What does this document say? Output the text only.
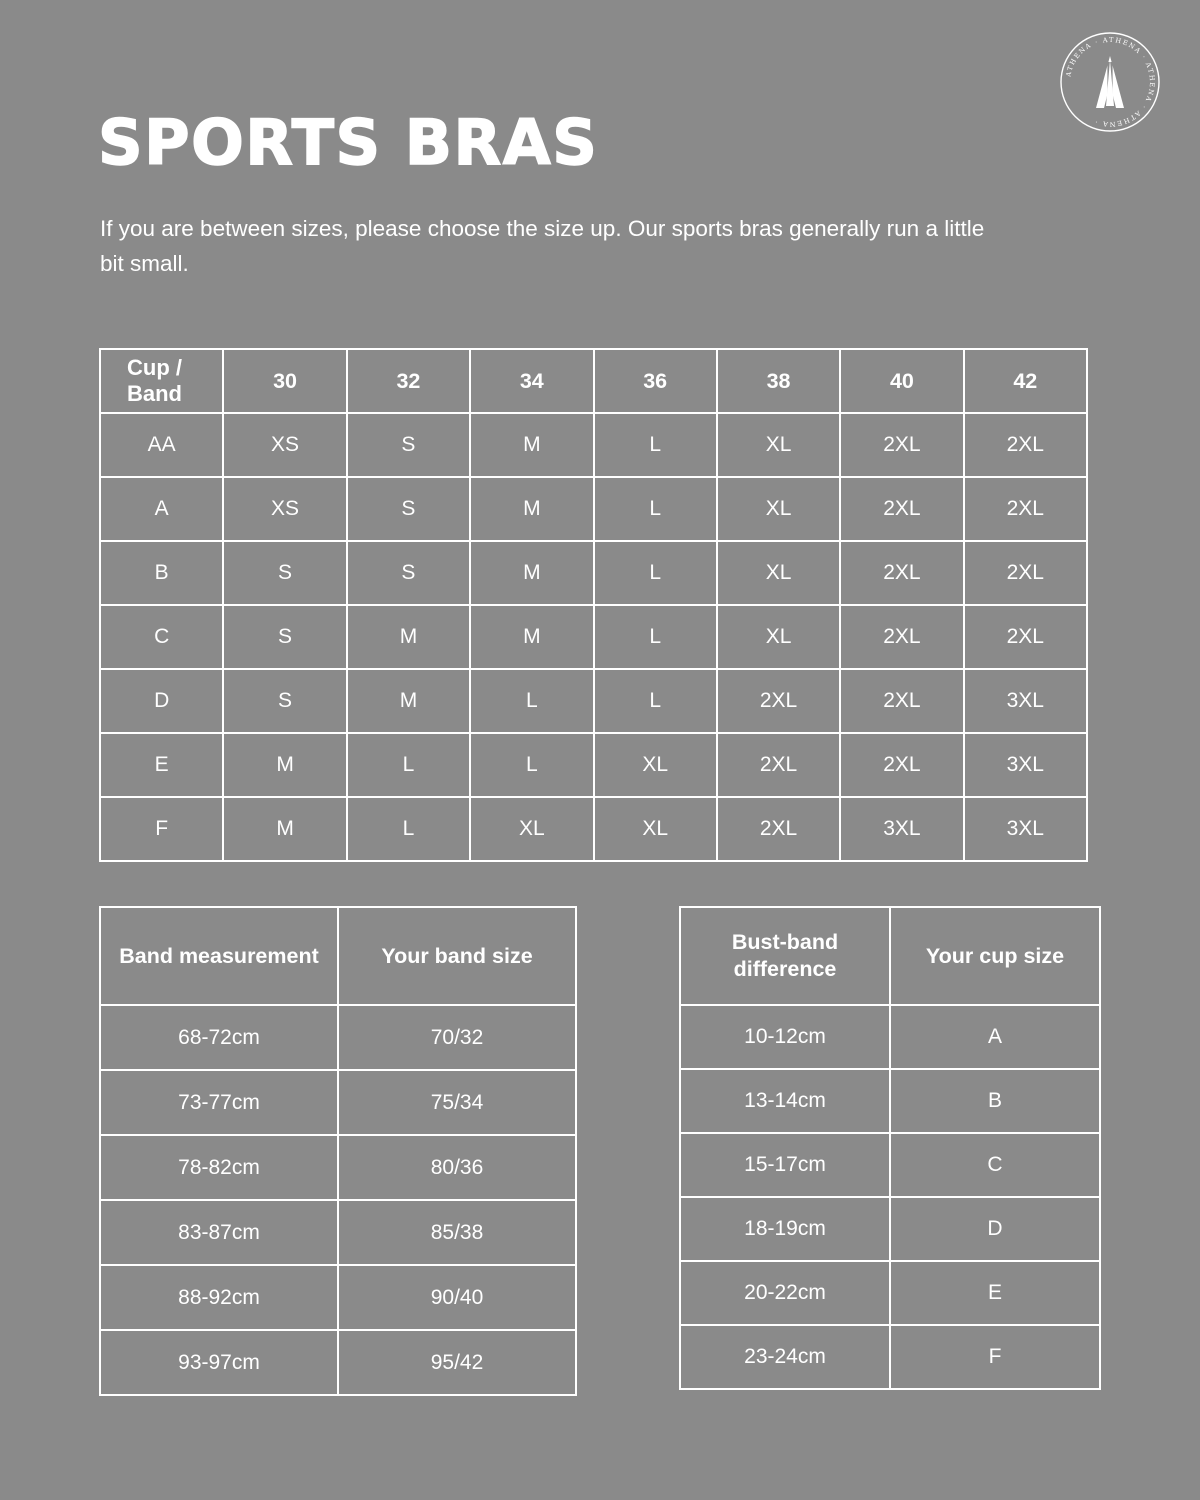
ATHENA · ATHENA · ATHENA · ATHENA ·
SPORTS BRAS
If you are between sizes, please choose the size up. Our sports bras generally run a little bit small.
Cup / Band	30	32	34	36	38	40	42
AA	XS	S	M	L	XL	2XL	2XL
A	XS	S	M	L	XL	2XL	2XL
B	S	S	M	L	XL	2XL	2XL
C	S	M	M	L	XL	2XL	2XL
D	S	M	L	L	2XL	2XL	3XL
E	M	L	L	XL	2XL	2XL	3XL
F	M	L	XL	XL	2XL	3XL	3XL
Band measurement	Your band size
68-72cm	70/32
73-77cm	75/34
78-82cm	80/36
83-87cm	85/38
88-92cm	90/40
93-97cm	95/42
Bust-band difference	Your cup size
10-12cm	A
13-14cm	B
15-17cm	C
18-19cm	D
20-22cm	E
23-24cm	F
